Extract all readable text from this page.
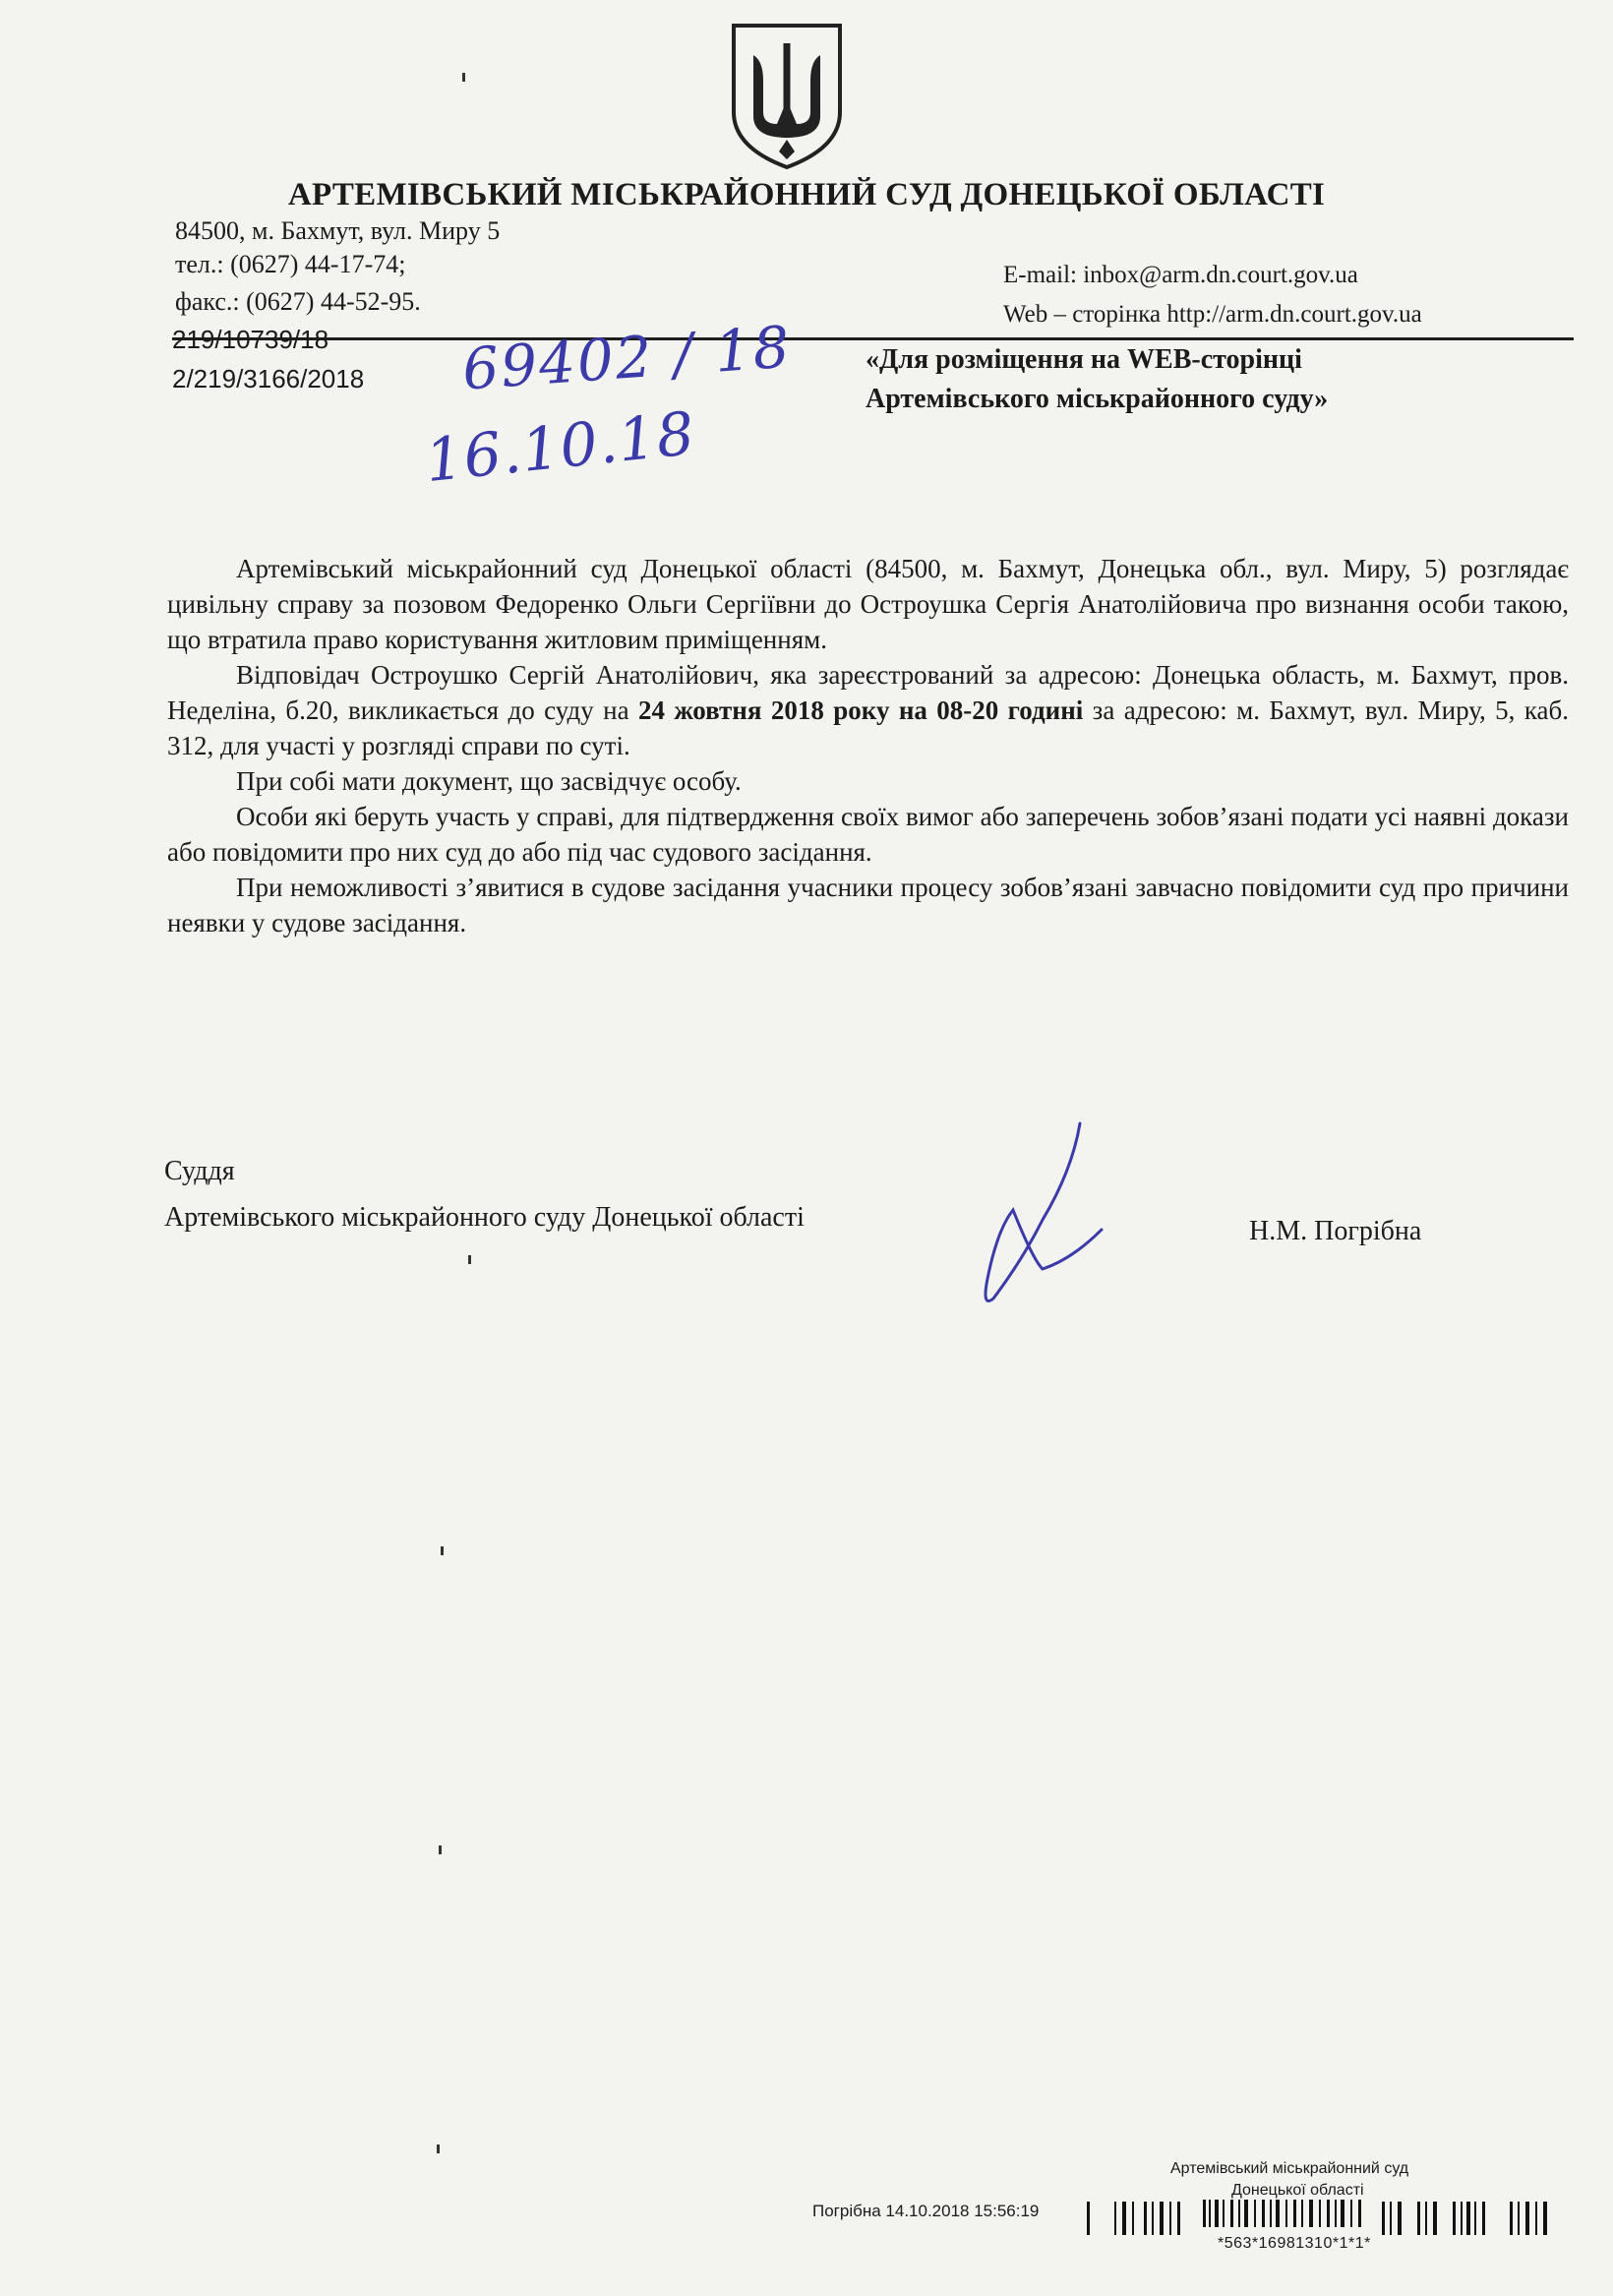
АРТЕМІВСЬКИЙ МІСЬКРАЙОННИЙ СУД ДОНЕЦЬКОЇ ОБЛАСТІ
84500, м. Бахмут, вул. Миру 5
тел.: (0627) 44-17-74;
факс.: (0627) 44-52-95.
E-mail: inbox@arm.dn.court.gov.ua
Web – сторінка http://arm.dn.court.gov.ua
219/10739/18
2/219/3166/2018 69402 / 18
16.10.18
«Для розміщення на WEB-сторінці
Артемівського міськрайонного суду»

Артемівський міськрайонний суд Донецької області (84500, м. Бахмут, Донецька обл., вул. Миру, 5) розглядає цивільну справу за позовом Федоренко Ольги Сергіївни до Остроушка Сергія Анатолійовича про визнання особи такою, що втратила право користування житловим приміщенням.

Відповідач Остроушко Сергій Анатолійович, яка зареєстрований за адресою: Донецька область, м. Бахмут, пров. Неделіна, б.20, викликається до суду на 24 жовтня 2018 року на 08-20 годині за адресою: м. Бахмут, вул. Миру, 5, каб. 312, для участі у розгляді справи по суті.

При собі мати документ, що засвідчує особу.

Особи які беруть участь у справі, для підтвердження своїх вимог або заперечень зобов’язані подати усі наявні докази або повідомити про них суд до або під час судового засідання.

При неможливості з’явитися в судове засідання учасники процесу зобов’язані завчасно повідомити суд про причини неявки у судове засідання.

Суддя
Артемівського міськрайонного суду Донецької області	Н.М. Погрібна
Артемівський міськрайонний суд
Донецької області
Погрібна 14.10.2018 15:56:19
*563*16981310*1*1*
